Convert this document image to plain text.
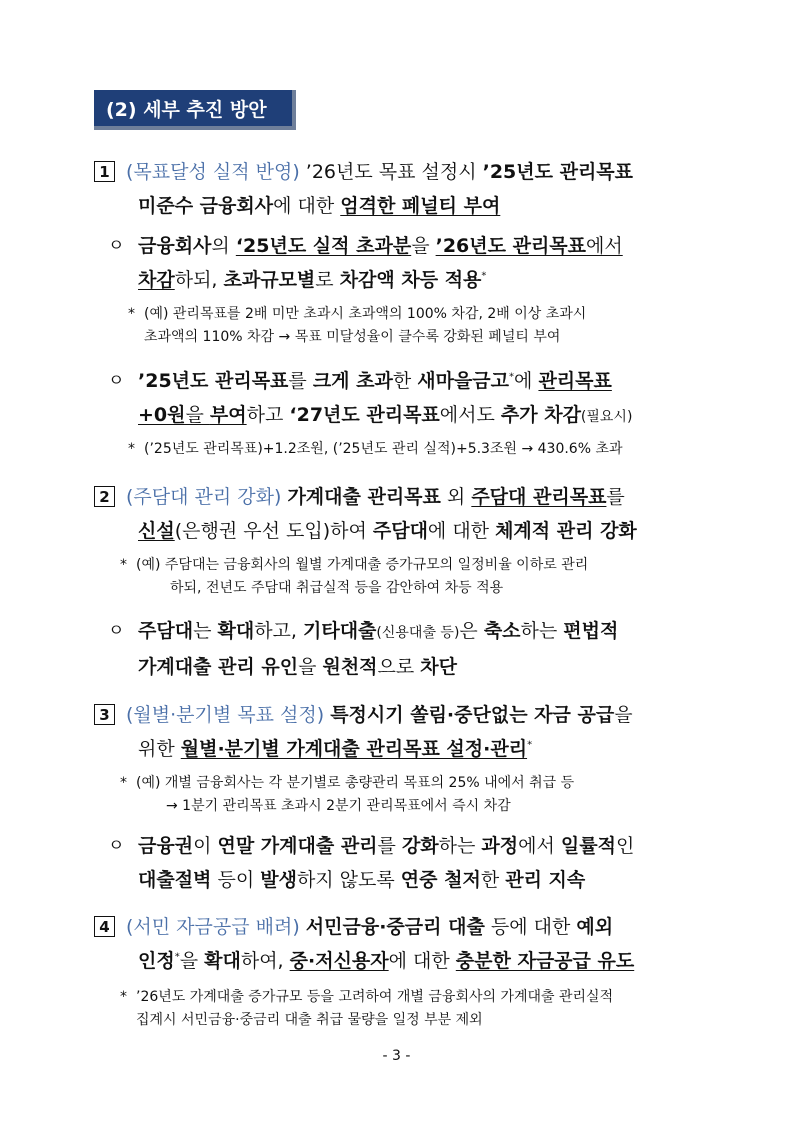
(2) 세부 추진 방안
1 (목표달성 실적 반영) ’26년도 목표 설정시 ’25년도 관리목표
미준수 금융회사에 대한 엄격한 페널티 부여
ㅇ 금융회사의 ‘25년도 실적 초과분을 ’26년도 관리목표에서
차감하되, 초과규모별로 차감액 차등 적용*
* (예) 관리목표를 2배 미만 초과시 초과액의 100% 차감, 2배 이상 초과시
초과액의 110% 차감 → 목표 미달성율이 클수록 강화된 페널티 부여
ㅇ ’25년도 관리목표를 크게 초과한 새마을금고*에 관리목표
+0원을 부여하고 ‘27년도 관리목표에서도 추가 차감(필요시)
* (’25년도 관리목표)+1.2조원, (’25년도 관리 실적)+5.3조원 → 430.6% 초과
2 (주담대 관리 강화) 가계대출 관리목표 외 주담대 관리목표를
신설(은행권 우선 도입)하여 주담대에 대한 체계적 관리 강화
* (예) 주담대는 금융회사의 월별 가계대출 증가규모의 일정비율 이하로 관리
하되, 전년도 주담대 취급실적 등을 감안하여 차등 적용
ㅇ 주담대는 확대하고, 기타대출(신용대출 등)은 축소하는 편법적
가계대출 관리 유인을 원천적으로 차단
3 (월별·분기별 목표 설정) 특정시기 쏠림·중단없는 자금 공급을
위한 월별·분기별 가계대출 관리목표 설정·관리*
* (예) 개별 금융회사는 각 분기별로 총량관리 목표의 25% 내에서 취급 등
→ 1분기 관리목표 초과시 2분기 관리목표에서 즉시 차감
ㅇ 금융권이 연말 가계대출 관리를 강화하는 과정에서 일률적인
대출절벽 등이 발생하지 않도록 연중 철저한 관리 지속
4 (서민 자금공급 배려) 서민금융·중금리 대출 등에 대한 예외
인정*을 확대하여, 중·저신용자에 대한 충분한 자금공급 유도
* ’26년도 가계대출 증가규모 등을 고려하여 개별 금융회사의 가계대출 관리실적
집계시 서민금융·중금리 대출 취급 물량을 일정 부분 제외
- 3 -
